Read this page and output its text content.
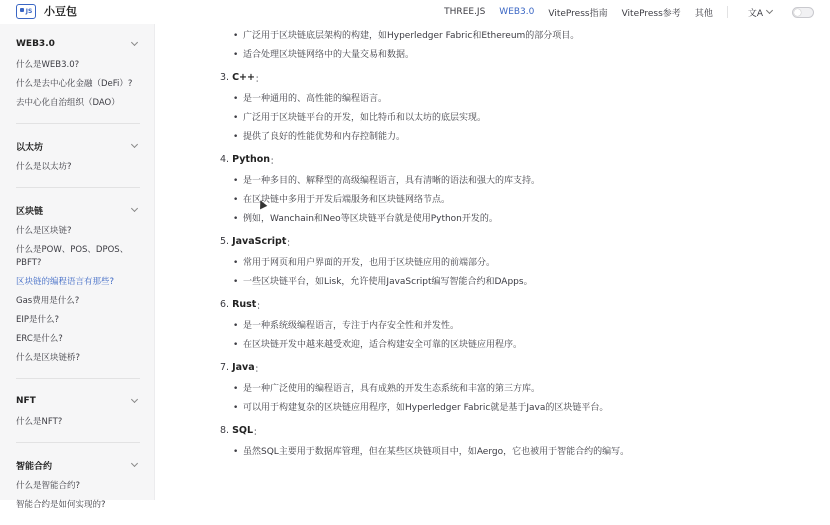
JS 小豆包	THREE.JS WEB3.0 VitePress指南 VitePress参考 其他	文A
WEB3.0
什么是WEB3.0?
什么是去中心化金融（DeFi）?
去中心化自治组织（DAO）
以太坊
什么是以太坊?
区块链
什么是区块链?
什么是POW、POS、DPOS、PBFT?
区块链的编程语言有那些?
Gas费用是什么?
EIP是什么?
ERC是什么?
什么是区块链桥?
NFT
什么是NFT?
智能合约
什么是智能合约?
智能合约是如何实现的?
• 广泛用于区块链底层架构的构建，如Hyperledger Fabric和Ethereum的部分项目。
• 适合处理区块链网络中的大量交易和数据。
3. C++ ：
• 是一种通用的、高性能的编程语言。
• 广泛用于区块链平台的开发，如比特币和以太坊的底层实现。
• 提供了良好的性能优势和内存控制能力。
4. Python ：
• 是一种多目的、解释型的高级编程语言，具有清晰的语法和强大的库支持。
• 在区块链中多用于开发后端服务和区块链网络节点。
• 例如，Wanchain和Neo等区块链平台就是使用Python开发的。
5. JavaScript ：
• 常用于网页和用户界面的开发，也用于区块链应用的前端部分。
• 一些区块链平台，如Lisk，允许使用JavaScript编写智能合约和DApps。
6. Rust ：
• 是一种系统级编程语言，专注于内存安全性和并发性。
• 在区块链开发中越来越受欢迎，适合构建安全可靠的区块链应用程序。
7. Java ：
• 是一种广泛使用的编程语言，具有成熟的开发生态系统和丰富的第三方库。
• 可以用于构建复杂的区块链应用程序，如Hyperledger Fabric就是基于Java的区块链平台。
8. SQL ：
• 虽然SQL主要用于数据库管理，但在某些区块链项目中，如Aergo，它也被用于智能合约的编写。
